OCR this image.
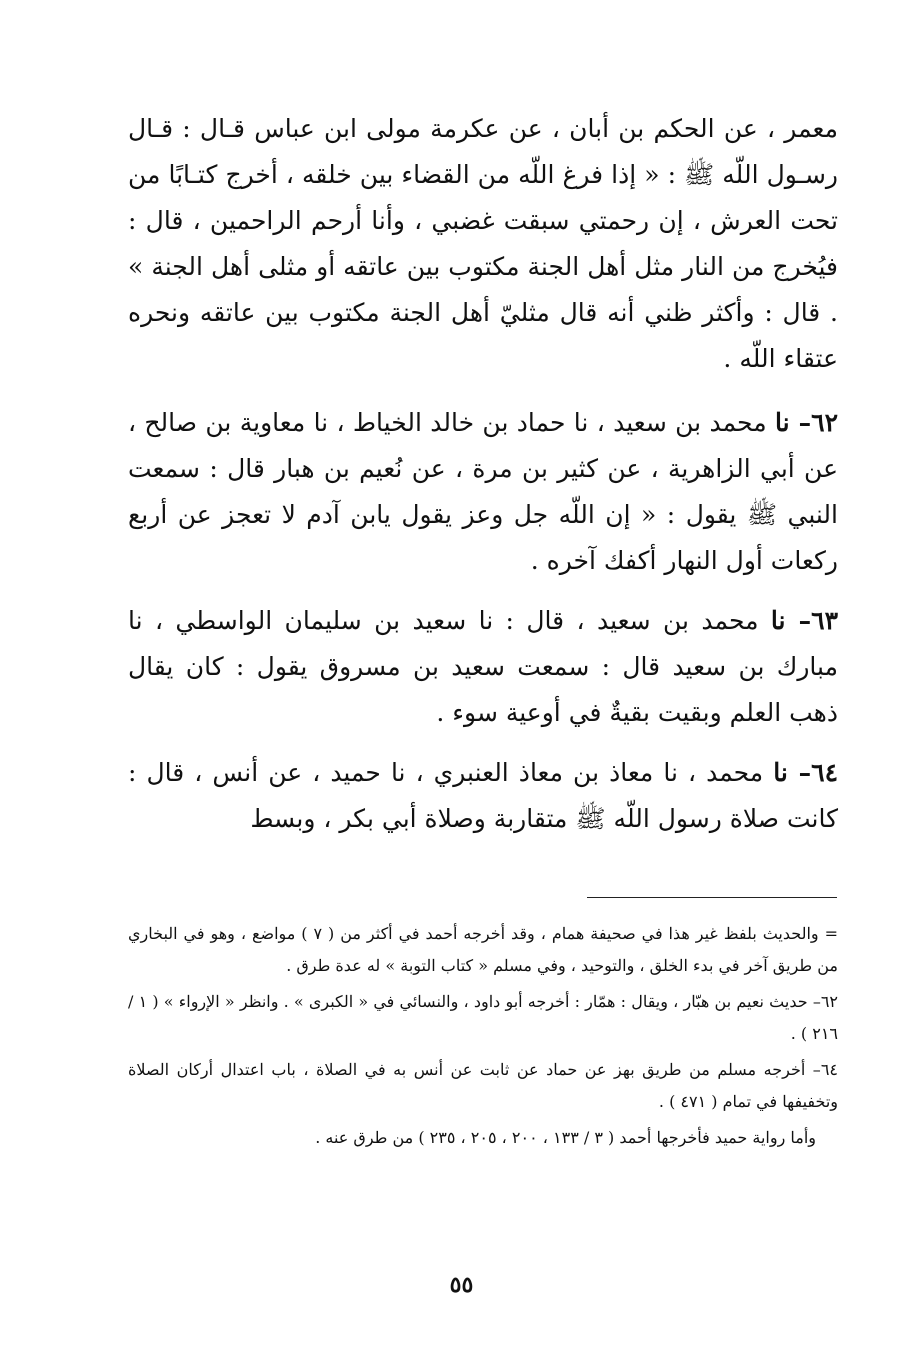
معمر ، عن الحكم بن أبان ، عن عكرمة مولى ابن عباس قـال : قـال رسـول اللّه ﷺ : « إذا فرغ اللّه من القضاء بين خلقه ، أخرج كتـابًا من تحت العرش ، إن رحمتي سبقت غضبي ، وأنا أرحم الراحمين ، قال : فيُخرج من النار مثل أهل الجنة مكتوب بين عاتقه أو مثلى أهل الجنة » . قال : وأكثر ظني أنه قال مثليّ أهل الجنة مكتوب بين عاتقه ونحره عتقاء اللّه .

٦٢– نا محمد بن سعيد ، نا حماد بن خالد الخياط ، نا معاوية بن صالح ، عن أبي الزاهرية ، عن كثير بن مرة ، عن نُعيم بن هبار قال : سمعت النبي ﷺ يقول : « إن اللّه جل وعز يقول يابن آدم لا تعجز عن أربع ركعات أول النهار أكفك آخره .

٦٣– نا محمد بن سعيد ، قال : نا سعيد بن سليمان الواسطي ، نا مبارك بن سعيد قال : سمعت سعيد بن مسروق يقول : كان يقال ذهب العلم وبقيت بقيةٌ في أوعية سوء .

٦٤– نا محمد ، نا معاذ بن معاذ العنبري ، نا حميد ، عن أنس ، قال : كانت صلاة رسول اللّه ﷺ متقاربة وصلاة أبي بكر ، وبسط

= والحديث بلفظ غير هذا في صحيفة همام ، وقد أخرجه أحمد في أكثر من ( ٧ ) مواضع ، وهو في البخاري من طريق آخر في بدء الخلق ، والتوحيد ، وفي مسلم « كتاب التوبة » له عدة طرق .

٦٢– حديث نعيم بن هبّار ، ويقال : همّار : أخرجه أبو داود ، والنسائي في « الكبرى » . وانظر « الإرواء » ( ١ / ٢١٦ ) .

٦٤– أخرجه مسلم من طريق بهز عن حماد عن ثابت عن أنس به في الصلاة ، باب اعتدال أركان الصلاة وتخفيفها في تمام ( ٤٧١ ) .

وأما رواية حميد فأخرجها أحمد ( ٣ / ١٣٣ ، ٢٠٠ ، ٢٠٥ ، ٢٣٥ ) من طرق عنه .

٥٥
